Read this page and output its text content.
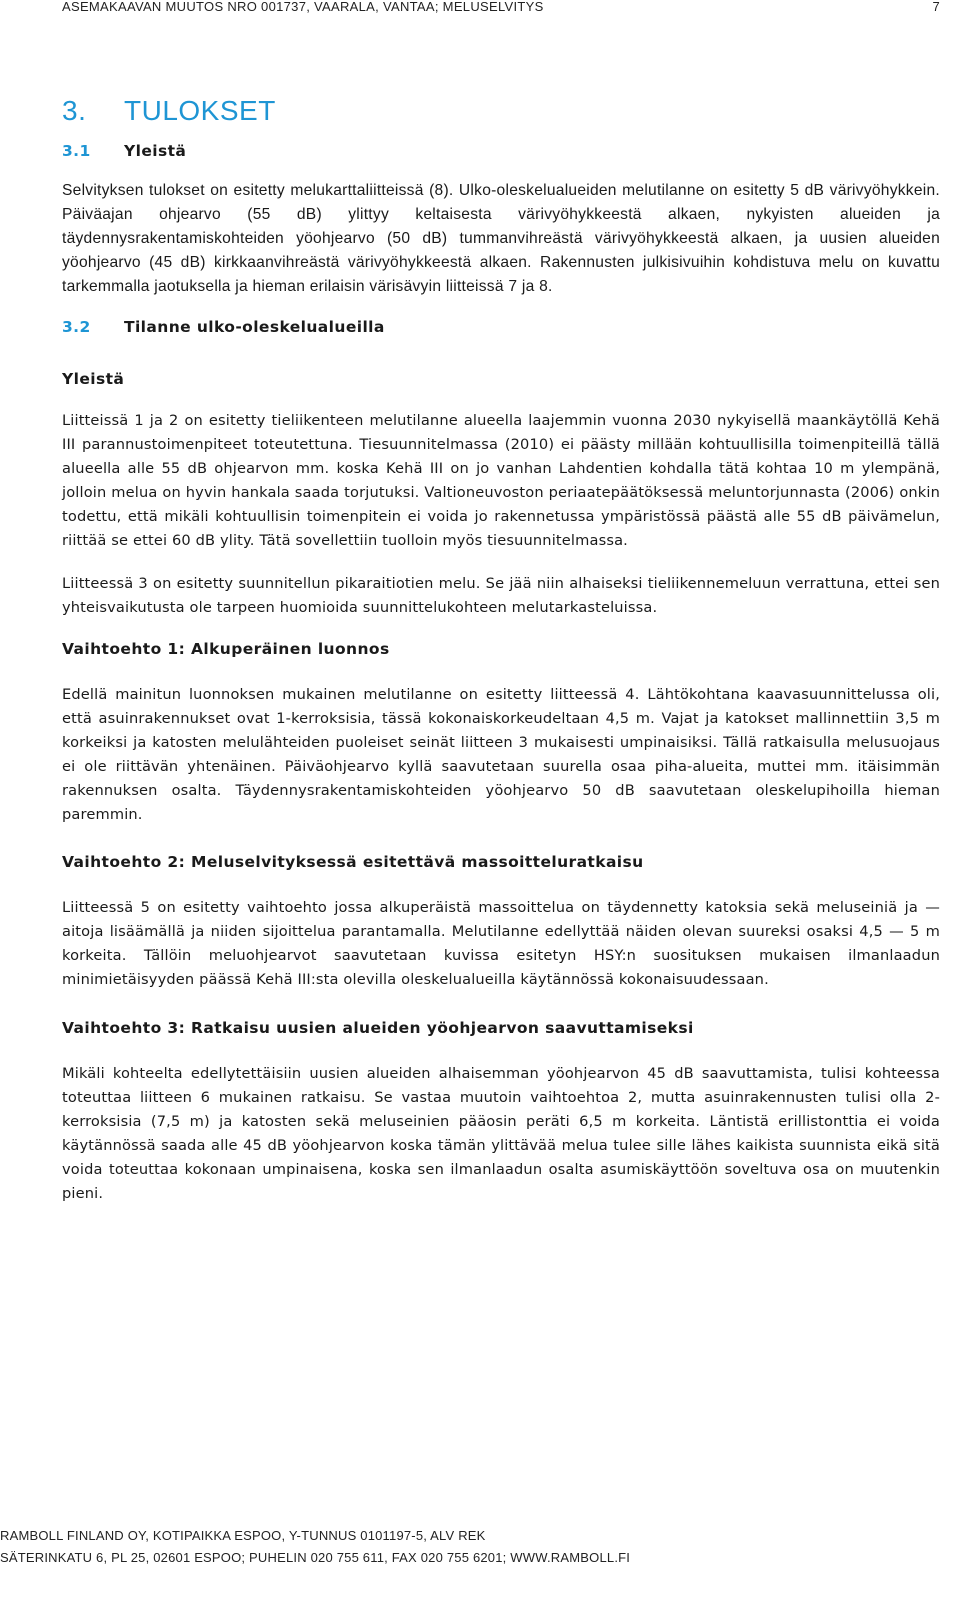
ASEMAKAAVAN MUUTOS NRO 001737, VAARALA, VANTAA; MELUSELVITYS	7
3.	TULOKSET
3.1	Yleistä

Selvityksen tulokset on esitetty melukarttaliitteissä (8). Ulko-oleskelualueiden melutilanne on esitetty 5 dB värivyöhykkein. Päiväajan ohjearvo (55 dB) ylittyy keltaisesta värivyöhykkeestä alkaen, nykyisten alueiden ja täydennysrakentamiskohteiden yöohjearvo (50 dB) tummanvihreästä värivyöhykkeestä alkaen, ja uusien alueiden yöohjearvo (45 dB) kirkkaanvihreästä värivyöhykkeestä alkaen. Rakennusten julkisivuihin kohdistuva melu on kuvattu tarkemmalla jaotuksella ja hieman erilaisin värisävyin liitteissä 7 ja 8.

3.2	Tilanne ulko-oleskelualueilla
Yleistä

Liitteissä 1 ja 2 on esitetty tieliikenteen melutilanne alueella laajemmin vuonna 2030 nykyisellä maankäytöllä Kehä III parannustoimenpiteet toteutettuna. Tiesuunnitelmassa (2010) ei päästy millään kohtuullisilla toimenpiteillä tällä alueella alle 55 dB ohjearvon mm. koska Kehä III on jo vanhan Lahdentien kohdalla tätä kohtaa 10 m ylempänä, jolloin melua on hyvin hankala saada torjutuksi. Valtioneuvoston periaatepäätöksessä meluntorjunnasta (2006) onkin todettu, että mikäli kohtuullisin toimenpitein ei voida jo rakennetussa ympäristössä päästä alle 55 dB päivämelun, riittää se ettei 60 dB ylity. Tätä sovellettiin tuolloin myös tiesuunnitelmassa.

Liitteessä 3 on esitetty suunnitellun pikaraitiotien melu. Se jää niin alhaiseksi tieliikennemeluun verrattuna, ettei sen yhteisvaikutusta ole tarpeen huomioida suunnittelukohteen melutarkasteluissa.

Vaihtoehto 1: Alkuperäinen luonnos

Edellä mainitun luonnoksen mukainen melutilanne on esitetty liitteessä 4. Lähtökohtana kaavasuunnittelussa oli, että asuinrakennukset ovat 1-kerroksisia, tässä kokonaiskorkeudeltaan 4,5 m. Vajat ja katokset mallinnettiin 3,5 m korkeiksi ja katosten melulähteiden puoleiset seinät liitteen 3 mukaisesti umpinaisiksi. Tällä ratkaisulla melusuojaus ei ole riittävän yhtenäinen. Päiväohjearvo kyllä saavutetaan suurella osaa piha-alueita, muttei mm. itäisimmän rakennuksen osalta. Täydennysrakentamiskohteiden yöohjearvo 50 dB saavutetaan oleskelupihoilla hieman paremmin.

Vaihtoehto 2: Meluselvityksessä esitettävä massoitteluratkaisu

Liitteessä 5 on esitetty vaihtoehto jossa alkuperäistä massoittelua on täydennetty katoksia sekä meluseiniä ja — aitoja lisäämällä ja niiden sijoittelua parantamalla. Melutilanne edellyttää näiden olevan suureksi osaksi 4,5 — 5 m korkeita. Tällöin meluohjearvot saavutetaan kuvissa esitetyn HSY:n suosituksen mukaisen ilmanlaadun minimietäisyyden päässä Kehä III:sta olevilla oleskelualueilla käytännössä kokonaisuudessaan.

Vaihtoehto 3: Ratkaisu uusien alueiden yöohjearvon saavuttamiseksi

Mikäli kohteelta edellytettäisiin uusien alueiden alhaisemman yöohjearvon 45 dB saavuttamista, tulisi kohteessa toteuttaa liitteen 6 mukainen ratkaisu. Se vastaa muutoin vaihtoehtoa 2, mutta asuinrakennusten tulisi olla 2-kerroksisia (7,5 m) ja katosten sekä meluseinien pääosin peräti 6,5 m korkeita. Läntistä erillistonttia ei voida käytännössä saada alle 45 dB yöohjearvon koska tämän ylittävää melua tulee sille lähes kaikista suunnista eikä sitä voida toteuttaa kokonaan umpinaisena, koska sen ilmanlaadun osalta asumiskäyttöön soveltuva osa on muutenkin pieni.

RAMBOLL FINLAND OY, KOTIPAIKKA ESPOO, Y-TUNNUS 0101197-5, ALV REK
SÄTERINKATU 6, PL 25, 02601 ESPOO; PUHELIN 020 755 611, FAX 020 755 6201; WWW.RAMBOLL.FI
